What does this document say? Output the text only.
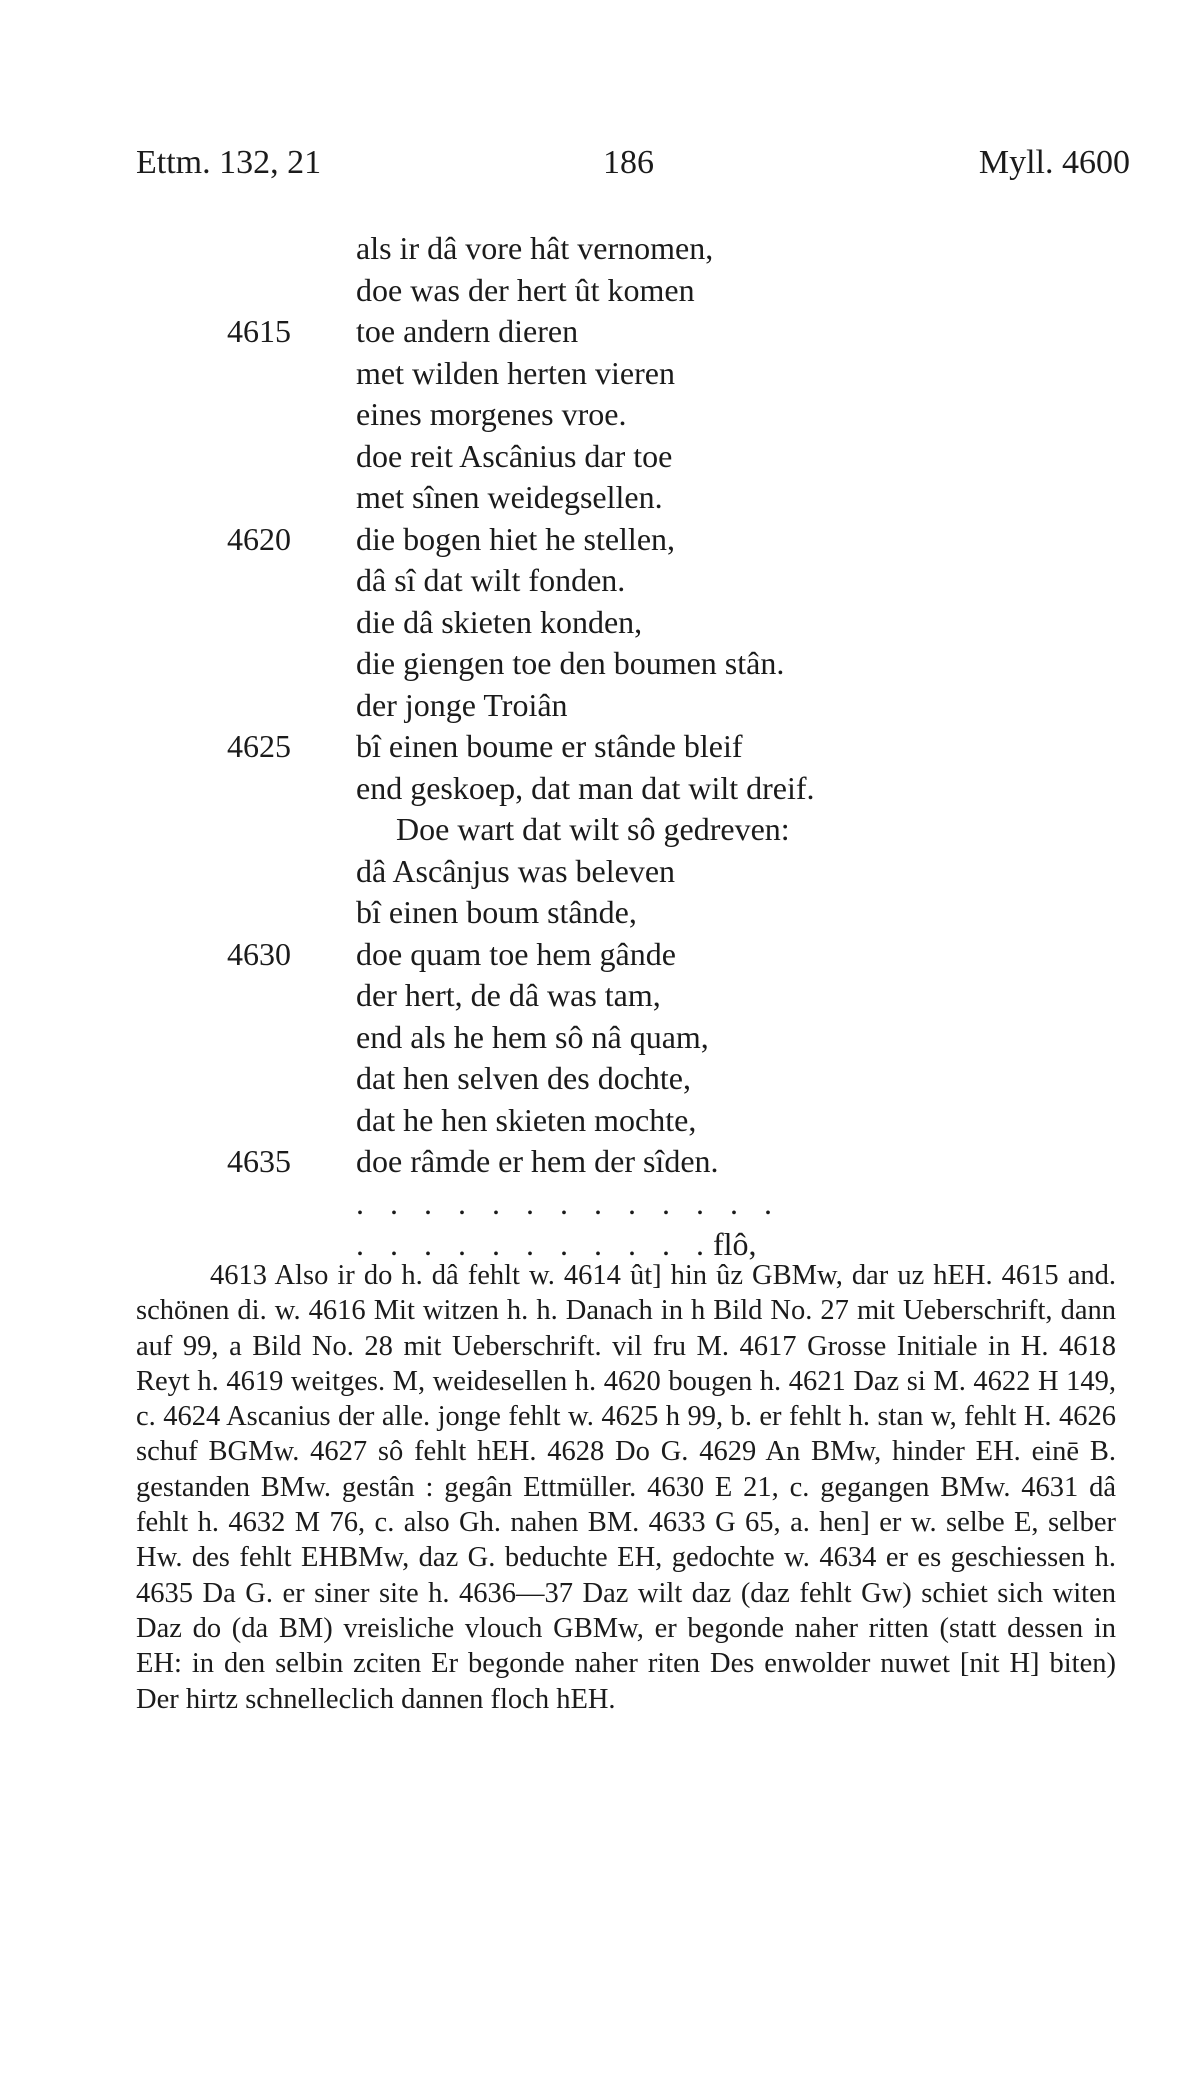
Ettm. 132, 21	186	Myll. 4600
als ir dâ vore hât vernomen,
doe was der hert ût komen
4615 toe andern dieren
met wilden herten vieren
eines morgenes vroe.
doe reit Ascânius dar toe
met sînen weidegsellen.
4620 die bogen hiet he stellen,
dâ sî dat wilt fonden.
die dâ skieten konden,
die giengen toe den boumen stân.
der jonge Troiân
4625 bî einen boume er stânde bleif
end geskoep, dat man dat wilt dreif.
Doe wart dat wilt sô gedreven:
dâ Ascânjus was beleven
bî einen boum stânde,
4630 doe quam toe hem gânde
der hert, de dâ was tam,
end als he hem sô nâ quam,
dat hen selven des dochte,
dat he hen skieten mochte,
4635 doe râmde er hem der sîden.
. . . . . . . . . . . . .
. . . . . . . . . . .flô,

4613 Also ir do h. dâ fehlt w. 4614 ût] hin ûz GBMw, dar uz hEH. 4615 and. schönen di. w. 4616 Mit witzen h. h. Danach in h Bild No. 27 mit Ueberschrift, dann auf 99, a Bild No. 28 mit Ueberschrift. vil fru M. 4617 Grosse Initiale in H. 4618 Reyt h. 4619 weitges. M, weidesellen h. 4620 bougen h. 4621 Daz si M. 4622 H 149, c. 4624 Ascanius der alle. jonge fehlt w. 4625 h 99, b. er fehlt h. stan w, fehlt H. 4626 schuf BGMw. 4627 sô fehlt hEH. 4628 Do G. 4629 An BMw, hinder EH. einē B. gestanden BMw. gestân : gegân Ettmüller. 4630 E 21, c. gegangen BMw. 4631 dâ fehlt h. 4632 M 76, c. also Gh. nahen BM. 4633 G 65, a. hen] er w. selbe E, selber Hw. des fehlt EHBMw, daz G. beduchte EH, gedochte w. 4634 er es geschiessen h. 4635 Da G. er siner site h. 4636—37 Daz wilt daz (daz fehlt Gw) schiet sich witen Daz do (da BM) vreisliche vlouch GBMw, er begonde naher ritten (statt dessen in EH: in den selbin zciten Er begonde naher riten Des enwolder nuwet [nit H] biten) Der hirtz schnelleclich dannen floch hEH.
